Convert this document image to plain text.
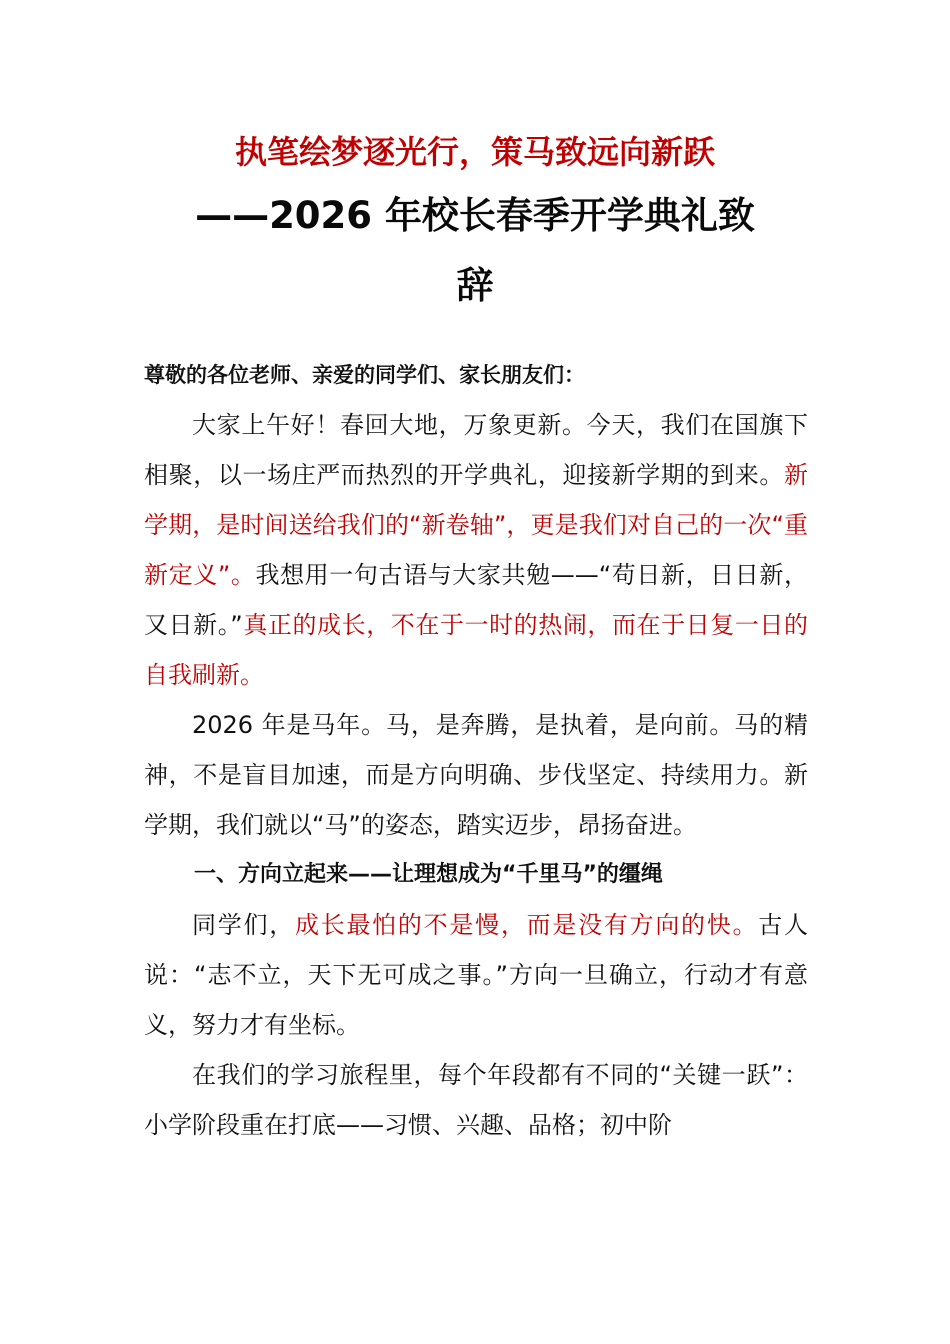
执笔绘梦逐光行，策马致远向新跃
——2026 年校长春季开学典礼致
辞

尊敬的各位老师、亲爱的同学们、家长朋友们：

大家上午好！春回大地，万象更新。今天，我们在国旗下相聚，以一场庄严而热烈的开学典礼，迎接新学期的到来。新学期，是时间送给我们的“新卷轴”，更是我们对自己的一次“重新定义”。我想用一句古语与大家共勉——“苟日新，日日新，又日新。”真正的成长，不在于一时的热闹，而在于日复一日的自我刷新。

2026 年是马年。马，是奔腾，是执着，是向前。马的精神，不是盲目加速，而是方向明确、步伐坚定、持续用力。新学期，我们就以“马”的姿态，踏实迈步，昂扬奋进。

一、方向立起来——让理想成为“千里马”的缰绳

同学们，成长最怕的不是慢，而是没有方向的快。古人说：“志不立，天下无可成之事。”方向一旦确立，行动才有意义，努力才有坐标。

在我们的学习旅程里，每个年段都有不同的“关键一跃”：小学阶段重在打底——习惯、兴趣、品格；初中阶
